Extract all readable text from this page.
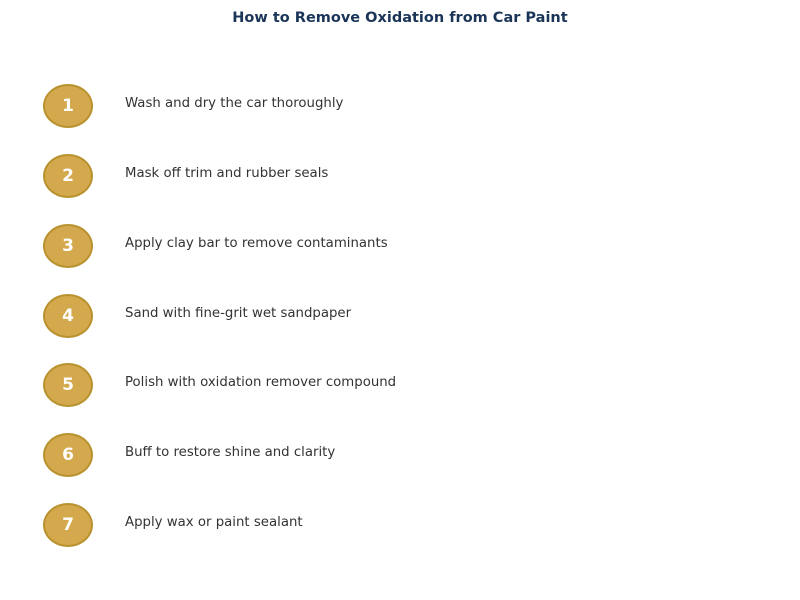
How to Remove Oxidation from Car Paint
1	Wash and dry the car thoroughly
2	Mask off trim and rubber seals
3	Apply clay bar to remove contaminants
4	Sand with fine-grit wet sandpaper
5	Polish with oxidation remover compound
6	Buff to restore shine and clarity
7	Apply wax or paint sealant
